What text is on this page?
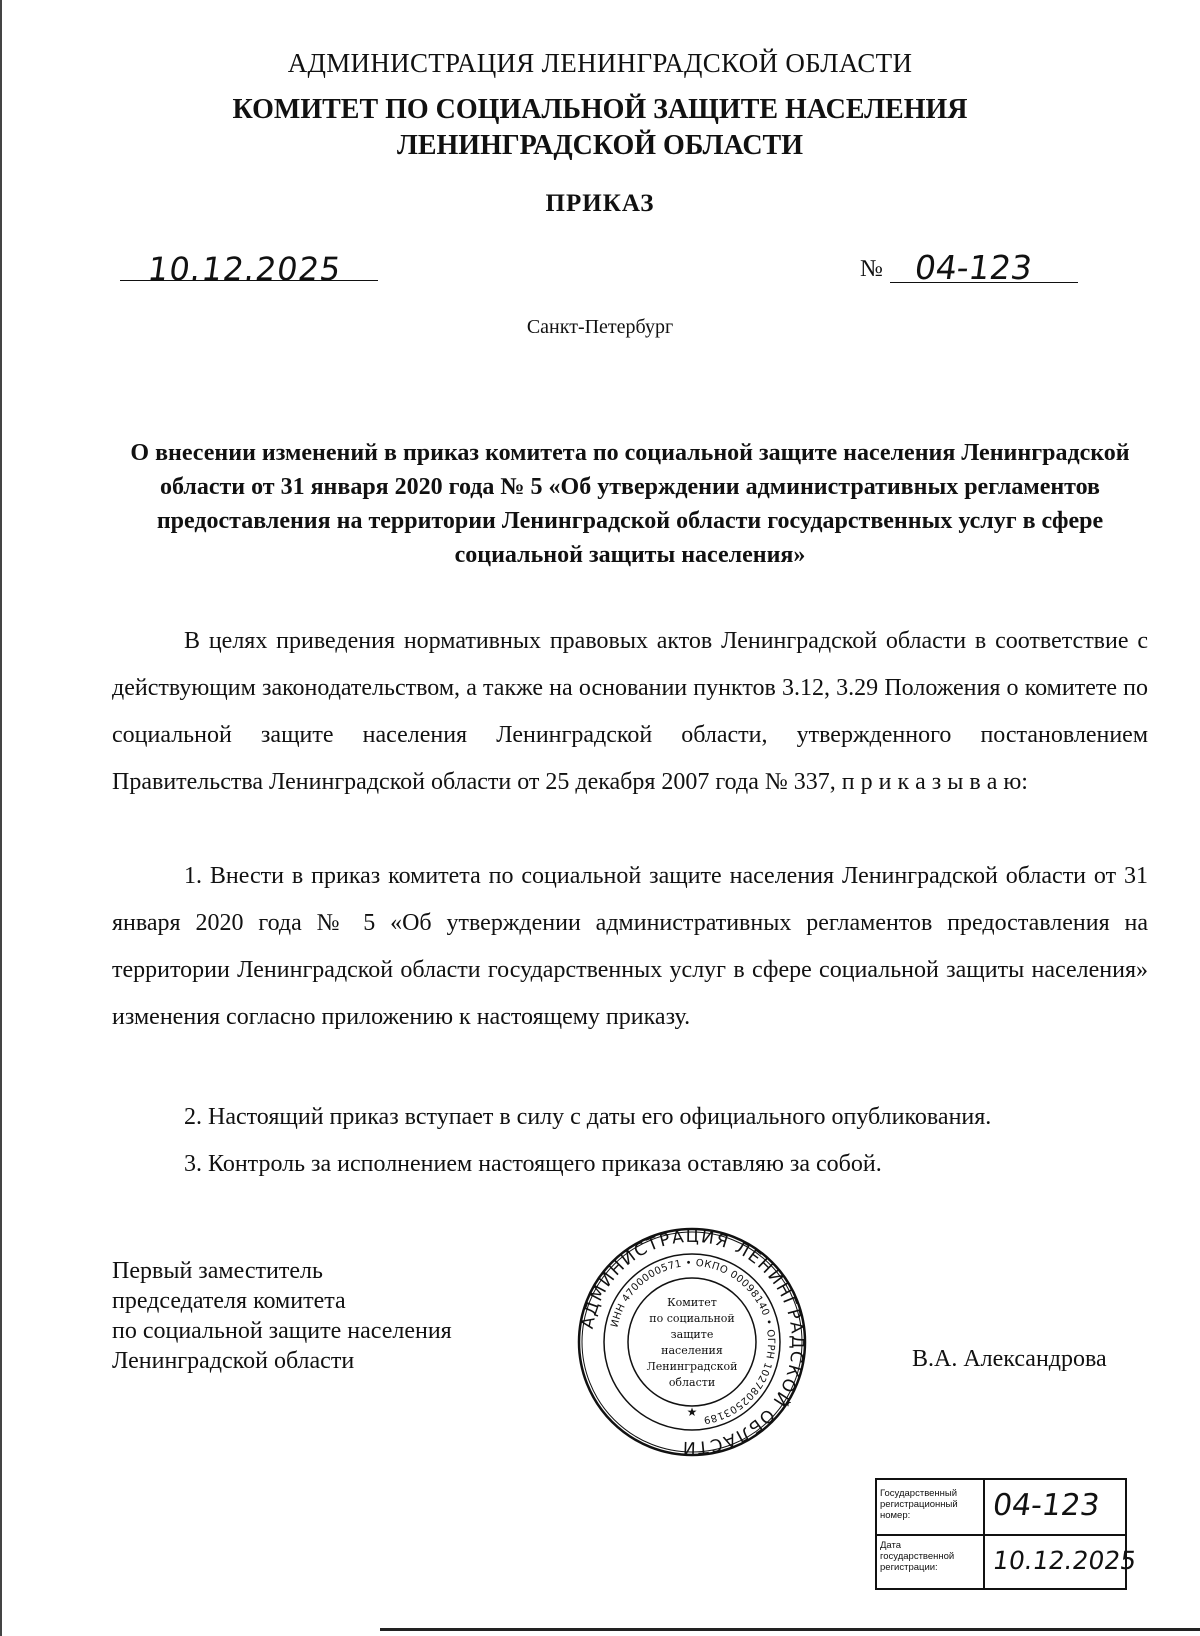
АДМИНИСТРАЦИЯ ЛЕНИНГРАДСКОЙ ОБЛАСТИ
КОМИТЕТ ПО СОЦИАЛЬНОЙ ЗАЩИТЕ НАСЕЛЕНИЯ
ЛЕНИНГРАДСКОЙ ОБЛАСТИ
ПРИКАЗ
10.12.2025	№ 04-123
Санкт-Петербург
О внесении изменений в приказ комитета по социальной защите населения Ленинградской области от 31 января 2020 года № 5 «Об утверждении административных регламентов предоставления на территории Ленинградской области государственных услуг в сфере социальной защиты населения»

В целях приведения нормативных правовых актов Ленинградской области в соответствие с действующим законодательством, а также на основании пунктов 3.12, 3.29 Положения о комитете по социальной защите населения Ленинградской области, утвержденного постановлением Правительства Ленинградской области от 25 декабря 2007 года № 337, п р и к а з ы в а ю:

1. Внести в приказ комитета по социальной защите населения Ленинградской области от 31 января 2020 года № 5 «Об утверждении административных регламентов предоставления на территории Ленинградской области государственных услуг в сфере социальной защиты населения» изменения согласно приложению к настоящему приказу.

2. Настоящий приказ вступает в силу с даты его официального опубликования.

3. Контроль за исполнением настоящего приказа оставляю за собой.

Первый заместитель
председателя комитета
по социальной защите населения
Ленинградской области
АДМИНИСТРАЦИЯ ЛЕНИНГРАДСКОЙ ОБЛАСТИ
ИНН 4700000571 • ОКПО 00098140 • ОГРН 1027802503189
Комитет
по социальной
защите
населения
Ленинградской
области
★
В.А. Александрова
Государственный
регистрационный
номер:	04-123
Дата
государственной
регистрации:	10.12.2025
